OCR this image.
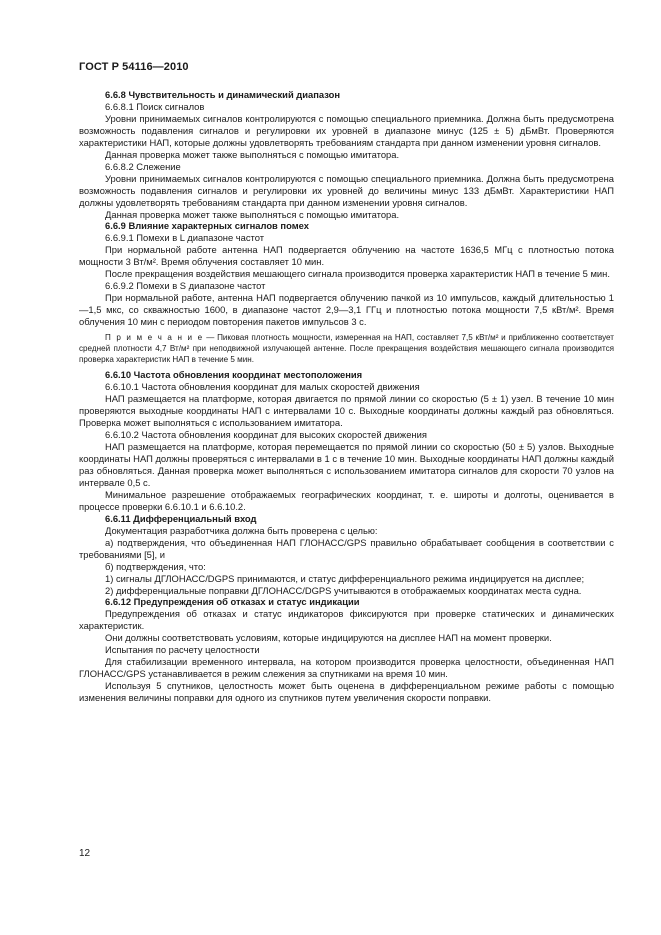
ГОСТ Р 54116—2010

6.6.8 Чувствительность и динамический диапазон

6.6.8.1 Поиск сигналов

Уровни принимаемых сигналов контролируются с помощью специального приемника. Должна быть предусмотрена возможность подавления сигналов и регулировки их уровней в диапазоне минус (125 ± 5) дБмВт. Проверяются характеристики НАП, которые должны удовлетворять требованиям стандарта при данном изменении уровня сигналов.

Данная проверка может также выполняться с помощью имитатора.

6.6.8.2 Слежение

Уровни принимаемых сигналов контролируются с помощью специального приемника. Должна быть предусмотрена возможность подавления сигналов и регулировки их уровней до величины минус 133 дБмВт. Характеристики НАП должны удовлетворять требованиям стандарта при данном изменении уровня сигналов.

Данная проверка может также выполняться с помощью имитатора.

6.6.9 Влияние характерных сигналов помех

6.6.9.1 Помехи в L диапазоне частот

При нормальной работе антенна НАП подвергается облучению на частоте 1636,5 МГц с плотностью потока мощности 3 Вт/м². Время облучения составляет 10 мин.

После прекращения воздействия мешающего сигнала производится проверка характеристик НАП в течение 5 мин.

6.6.9.2 Помехи в S диапазоне частот

При нормальной работе, антенна НАП подвергается облучению пачкой из 10 импульсов, каждый длительностью 1—1,5 мкс, со скважностью 1600, в диапазоне частот 2,9—3,1 ГГц и плотностью потока мощности 7,5 кВт/м². Время облучения 10 мин с периодом повторения пакетов импульсов 3 с.

П р и м е ч а н и е — Пиковая плотность мощности, измеренная на НАП, составляет 7,5 кВт/м² и приближенно соответствует средней плотности 4,7 Вт/м² при неподвижной излучающей антенне. После прекращения воздействия мешающего сигнала производится проверка характеристик НАП в течение 5 мин.

6.6.10 Частота обновления координат местоположения

6.6.10.1 Частота обновления координат для малых скоростей движения

НАП размещается на платформе, которая двигается по прямой линии со скоростью (5 ± 1) узел. В течение 10 мин проверяются выходные координаты НАП с интервалами 10 с. Выходные координаты должны каждый раз обновляться. Проверка может выполняться с использованием имитатора.

6.6.10.2 Частота обновления координат для высоких скоростей движения

НАП размещается на платформе, которая перемещается по прямой линии со скоростью (50 ± 5) узлов. Выходные координаты НАП должны проверяться с интервалами в 1 с в течение 10 мин. Выходные координаты НАП должны каждый раз обновляться. Данная проверка может выполняться с использованием имитатора сигналов для скорости 70 узлов на интервале 0,5 с.

Минимальное разрешение отображаемых географических координат, т. е. широты и долготы, оценивается в процессе проверки 6.6.10.1 и 6.6.10.2.

6.6.11 Дифференциальный вход

Документация разработчика должна быть проверена с целью:

а) подтверждения, что объединенная НАП ГЛОНАСС/GPS правильно обрабатывает сообщения в соответствии с требованиями [5], и

б) подтверждения, что:

1) сигналы ДГЛОНАСС/DGPS принимаются, и статус дифференциального режима индицируется на дисплее;

2) дифференциальные поправки ДГЛОНАСС/DGPS учитываются в отображаемых координатах места судна.

6.6.12 Предупреждения об отказах и статус индикации

Предупреждения об отказах и статус индикаторов фиксируются при проверке статических и динамических характеристик.

Они должны соответствовать условиям, которые индицируются на дисплее НАП на момент проверки.

Испытания по расчету целостности

Для стабилизации временного интервала, на котором производится проверка целостности, объединенная НАП ГЛОНАСС/GPS устанавливается в режим слежения за спутниками на время 10 мин.

Используя 5 спутников, целостность может быть оценена в дифференциальном режиме работы с помощью изменения величины поправки для одного из спутников путем увеличения скорости поправки.

12
